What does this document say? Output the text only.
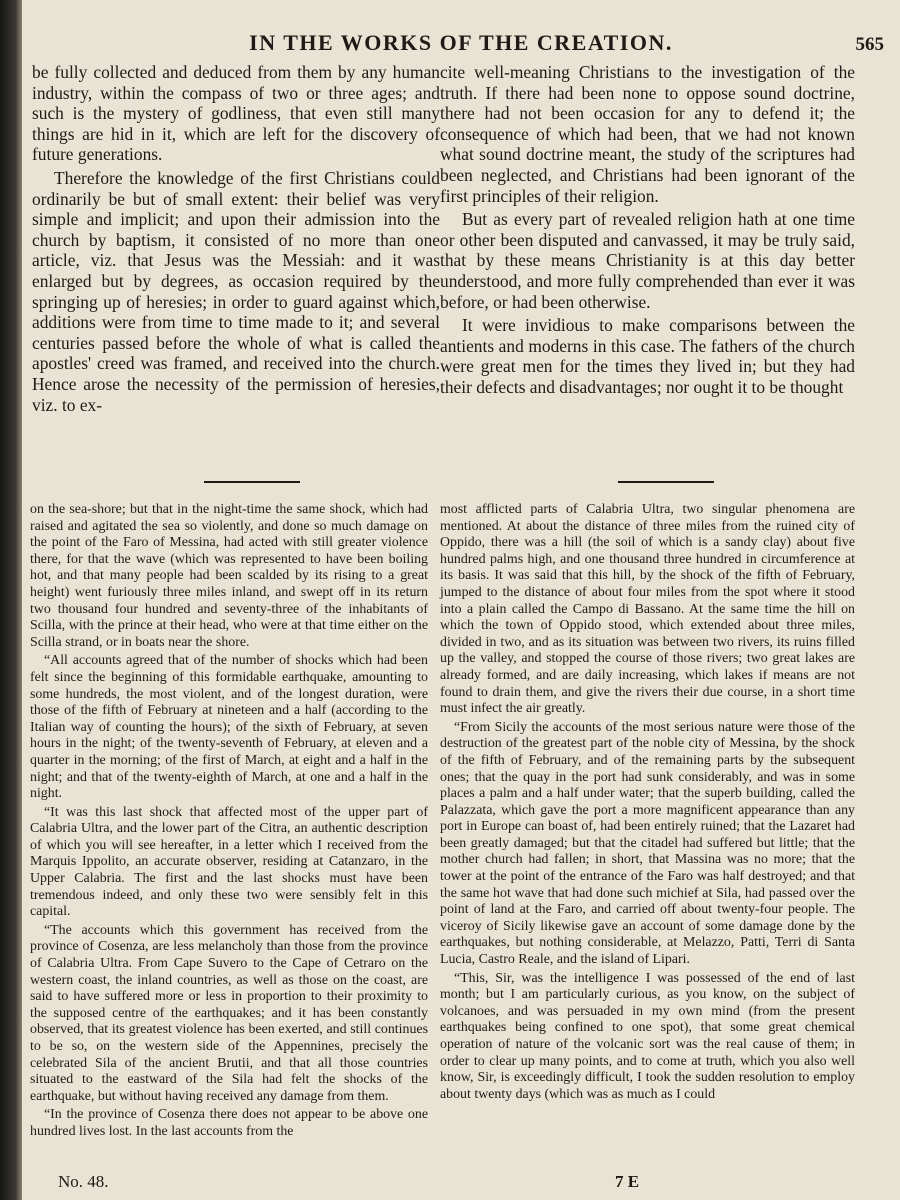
IN THE WORKS OF THE CREATION.	565

be fully collected and deduced from them by any human industry, within the compass of two or three ages; and such is the mystery of godliness, that even still many things are hid in it, which are left for the discovery of future generations.

Therefore the knowledge of the first Christians could ordinarily be but of small extent: their belief was very simple and implicit; and upon their admission into the church by baptism, it consisted of no more than one article, viz. that Jesus was the Messiah: and it was enlarged but by degrees, as occasion required by the springing up of heresies; in order to guard against which, additions were from time to time made to it; and several centuries passed before the whole of what is called the apostles' creed was framed, and received into the church. Hence arose the necessity of the permission of heresies, viz. to ex-

cite well-meaning Christians to the investigation of the truth. If there had been none to oppose sound doctrine, there had not been occasion for any to defend it; the consequence of which had been, that we had not known what sound doctrine meant, the study of the scriptures had been neglected, and Christians had been ignorant of the first principles of their religion.

But as every part of revealed religion hath at one time or other been disputed and canvassed, it may be truly said, that by these means Christianity is at this day better understood, and more fully comprehended than ever it was before, or had been otherwise.

It were invidious to make comparisons between the antients and moderns in this case. The fathers of the church were great men for the times they lived in; but they had their defects and disadvantages; nor ought it to be thought

on the sea-shore; but that in the night-time the same shock, which had raised and agitated the sea so violently, and done so much damage on the point of the Faro of Messina, had acted with still greater violence there, for that the wave (which was represented to have been boiling hot, and that many people had been scalded by its rising to a great height) went furiously three miles inland, and swept off in its return two thousand four hundred and seventy-three of the inhabitants of Scilla, with the prince at their head, who were at that time either on the Scilla strand, or in boats near the shore.

“All accounts agreed that of the number of shocks which had been felt since the beginning of this formidable earthquake, amounting to some hundreds, the most violent, and of the longest duration, were those of the fifth of February at nineteen and a half (according to the Italian way of counting the hours); of the sixth of February, at seven hours in the night; of the twenty-seventh of February, at eleven and a quarter in the morning; of the first of March, at eight and a half in the night; and that of the twenty-eighth of March, at one and a half in the night.

“It was this last shock that affected most of the upper part of Calabria Ultra, and the lower part of the Citra, an authentic description of which you will see hereafter, in a letter which I received from the Marquis Ippolito, an accurate observer, residing at Catanzaro, in the Upper Calabria. The first and the last shocks must have been tremendous indeed, and only these two were sensibly felt in this capital.

“The accounts which this government has received from the province of Cosenza, are less melancholy than those from the province of Calabria Ultra. From Cape Suvero to the Cape of Cetraro on the western coast, the inland countries, as well as those on the coast, are said to have suffered more or less in proportion to their proximity to the supposed centre of the earthquakes; and it has been constantly observed, that its greatest violence has been exerted, and still continues to be so, on the western side of the Appennines, precisely the celebrated Sila of the ancient Brutii, and that all those countries situated to the eastward of the Sila had felt the shocks of the earthquake, but without having received any damage from them.

“In the province of Cosenza there does not appear to be above one hundred lives lost. In the last accounts from the

most afflicted parts of Calabria Ultra, two singular phenomena are mentioned. At about the distance of three miles from the ruined city of Oppido, there was a hill (the soil of which is a sandy clay) about five hundred palms high, and one thousand three hundred in circumference at its basis. It was said that this hill, by the shock of the fifth of February, jumped to the distance of about four miles from the spot where it stood into a plain called the Campo di Bassano. At the same time the hill on which the town of Oppido stood, which extended about three miles, divided in two, and as its situation was between two rivers, its ruins filled up the valley, and stopped the course of those rivers; two great lakes are already formed, and are daily increasing, which lakes if means are not found to drain them, and give the rivers their due course, in a short time must infect the air greatly.

“From Sicily the accounts of the most serious nature were those of the destruction of the greatest part of the noble city of Messina, by the shock of the fifth of February, and of the remaining parts by the subsequent ones; that the quay in the port had sunk considerably, and was in some places a palm and a half under water; that the superb building, called the Palazzata, which gave the port a more magnificent appearance than any port in Europe can boast of, had been entirely ruined; that the Lazaret had been greatly damaged; but that the citadel had suffered but little; that the mother church had fallen; in short, that Massina was no more; that the tower at the point of the entrance of the Faro was half destroyed; and that the same hot wave that had done such michief at Sila, had passed over the point of land at the Faro, and carried off about twenty-four people. The viceroy of Sicily likewise gave an account of some damage done by the earthquakes, but nothing considerable, at Melazzo, Patti, Terri di Santa Lucia, Castro Reale, and the island of Lipari.

“This, Sir, was the intelligence I was possessed of the end of last month; but I am particularly curious, as you know, on the subject of volcanoes, and was persuaded in my own mind (from the present earthquakes being confined to one spot), that some great chemical operation of nature of the volcanic sort was the real cause of them; in order to clear up many points, and to come at truth, which you also well know, Sir, is exceedingly difficult, I took the sudden resolution to employ about twenty days (which was as much as I could

No. 48.	7 E
